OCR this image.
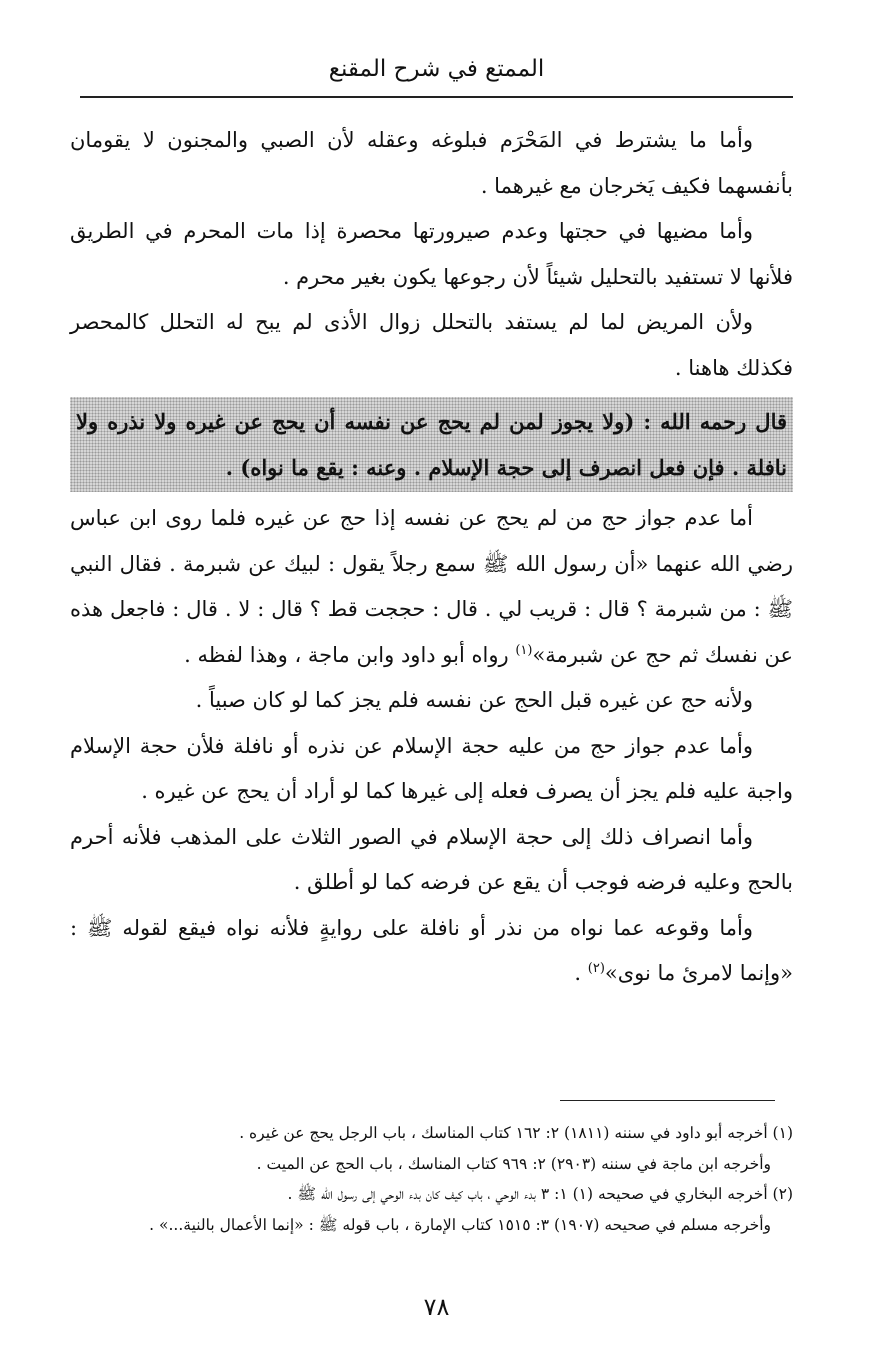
الممتع في شرح المقنع

وأما ما يشترط في المَحْرَم فبلوغه وعقله لأن الصبي والمجنون لا يقومان بأنفسهما فكيف يَخرجان مع غيرهما .

وأما مضيها في حجتها وعدم صيرورتها محصرة إذا مات المحرم في الطريق فلأنها لا تستفيد بالتحليل شيئاً لأن رجوعها يكون بغير محرم .

ولأن المريض لما لم يستفد بالتحلل زوال الأذى لم يبح له التحلل كالمحصر فكذلك هاهنا .

قال رحمه الله : (ولا يجوز لمن لم يحج عن نفسه أن يحج عن غيره ولا نذره ولا نافلة . فإن فعل انصرف إلى حجة الإسلام . وعنه : يقع ما نواه) .

أما عدم جواز حج من لم يحج عن نفسه إذا حج عن غيره فلما روى ابن عباس رضي الله عنهما «أن رسول الله ﷺ سمع رجلاً يقول : لبيك عن شبرمة . فقال النبي ﷺ : من شبرمة ؟ قال : قريب لي . قال : حججت قط ؟ قال : لا . قال : فاجعل هذه عن نفسك ثم حج عن شبرمة»$^{(١)}$ رواه أبو داود وابن ماجة ، وهذا لفظه .

ولأنه حج عن غيره قبل الحج عن نفسه فلم يجز كما لو كان صبياً .

وأما عدم جواز حج من عليه حجة الإسلام عن نذره أو نافلة فلأن حجة الإسلام واجبة عليه فلم يجز أن يصرف فعله إلى غيرها كما لو أراد أن يحج عن غيره .

وأما انصراف ذلك إلى حجة الإسلام في الصور الثلاث على المذهب فلأنه أحرم بالحج وعليه فرضه فوجب أن يقع عن فرضه كما لو أطلق .

وأما وقوعه عما نواه من نذر أو نافلة على روايةٍ فلأنه نواه فيقع لقوله ﷺ : «وإنما لامرئ ما نوى»$^{(٢)}$ .

(١) أخرجه أبو داود في سننه (١٨١١) ٢: ١٦٢ كتاب المناسك ، باب الرجل يحج عن غيره .

وأخرجه ابن ماجة في سننه (٢٩٠٣) ٢: ٩٦٩ كتاب المناسك ، باب الحج عن الميت .

(٢) أخرجه البخاري في صحيحه (١) ١: ٣ بدء الوحي ، باب كيف كان بدء الوحي إلى رسول الله ﷺ .

وأخرجه مسلم في صحيحه (١٩٠٧) ٣: ١٥١٥ كتاب الإمارة ، باب قوله ﷺ : «إنما الأعمال بالنية...» .

٧٨
